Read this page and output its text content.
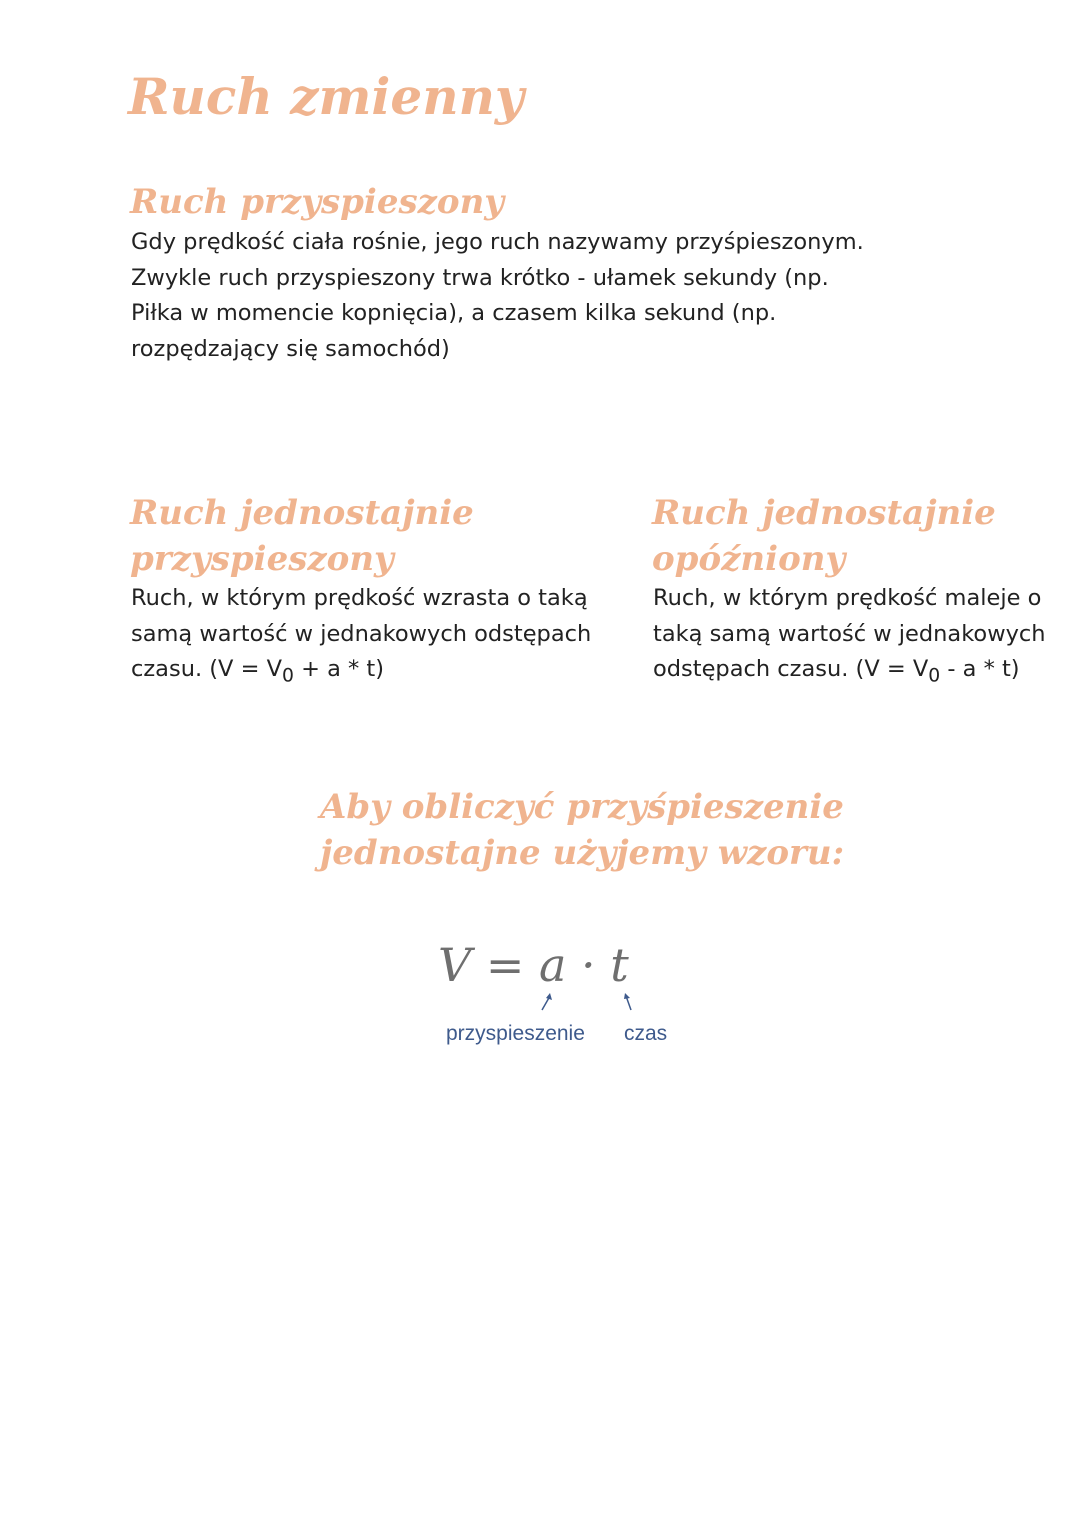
Ruch zmienny
Ruch przyspieszony
Gdy prędkość ciała rośnie, jego ruch nazywamy przyśpieszonym.
Zwykle ruch przyspieszony trwa krótko - ułamek sekundy (np.
Piłka w momencie kopnięcia), a czasem kilka sekund (np.
rozpędzający się samochód)
Ruch jednostajnie
przyspieszony
Ruch, w którym prędkość wzrasta o taką
samą wartość w jednakowych odstępach
czasu. $(V = V_0 + a * t)$
Ruch jednostajnie
opóźniony
Ruch, w którym prędkość maleje o
taką samą wartość w jednakowych
odstępach czasu. $(V = V_0 - a * t)$
Aby obliczyć przyśpieszenie
jednostajne użyjemy wzoru:
V = a · t
przyspieszenie czas
